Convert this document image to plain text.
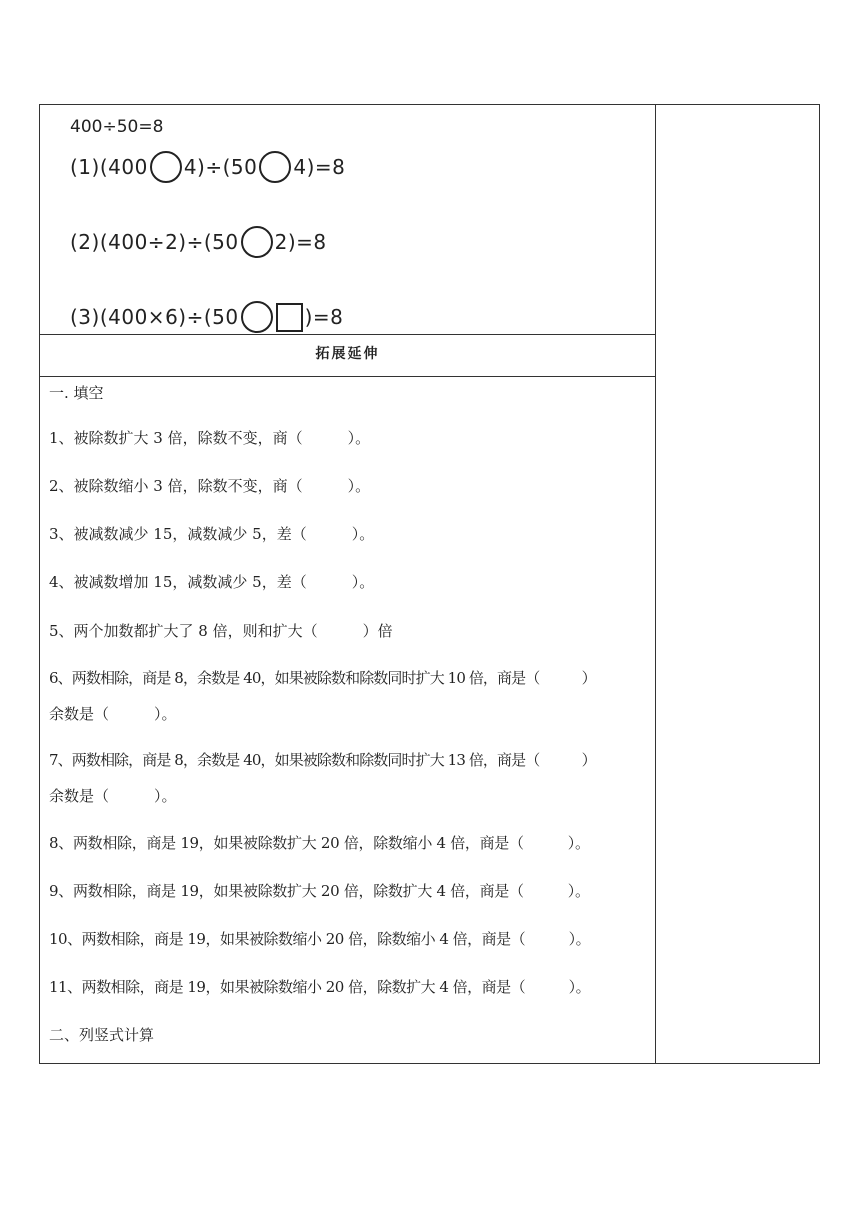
400÷50=8
(1)(400 4)÷(50 4)=8
(2)(400÷2)÷(50 2)=8
(3)(400×6)÷(50	)=8
拓展延伸
一. 填空
1、被除数扩大 3 倍，除数不变，商（　　　）。
2、被除数缩小 3 倍，除数不变，商（　　　）。
3、被减数减少 15，减数减少 5，差（　　　）。
4、被减数增加 15，减数减少 5，差（　　　）。
5、两个加数都扩大了 8 倍，则和扩大（　　　）倍
6、两数相除，商是 8，余数是 40，如果被除数和除数同时扩大 10 倍，商是（　　　）
余数是（　　　）。
7、两数相除，商是 8，余数是 40，如果被除数和除数同时扩大 13 倍，商是（　　　）
余数是（　　　）。
8、两数相除，商是 19，如果被除数扩大 20 倍，除数缩小 4 倍，商是（　　　）。
9、两数相除，商是 19，如果被除数扩大 20 倍，除数扩大 4 倍，商是（　　　）。
10、两数相除，商是 19，如果被除数缩小 20 倍，除数缩小 4 倍，商是（　　　）。
11、两数相除，商是 19，如果被除数缩小 20 倍，除数扩大 4 倍，商是（　　　）。
二、列竖式计算
